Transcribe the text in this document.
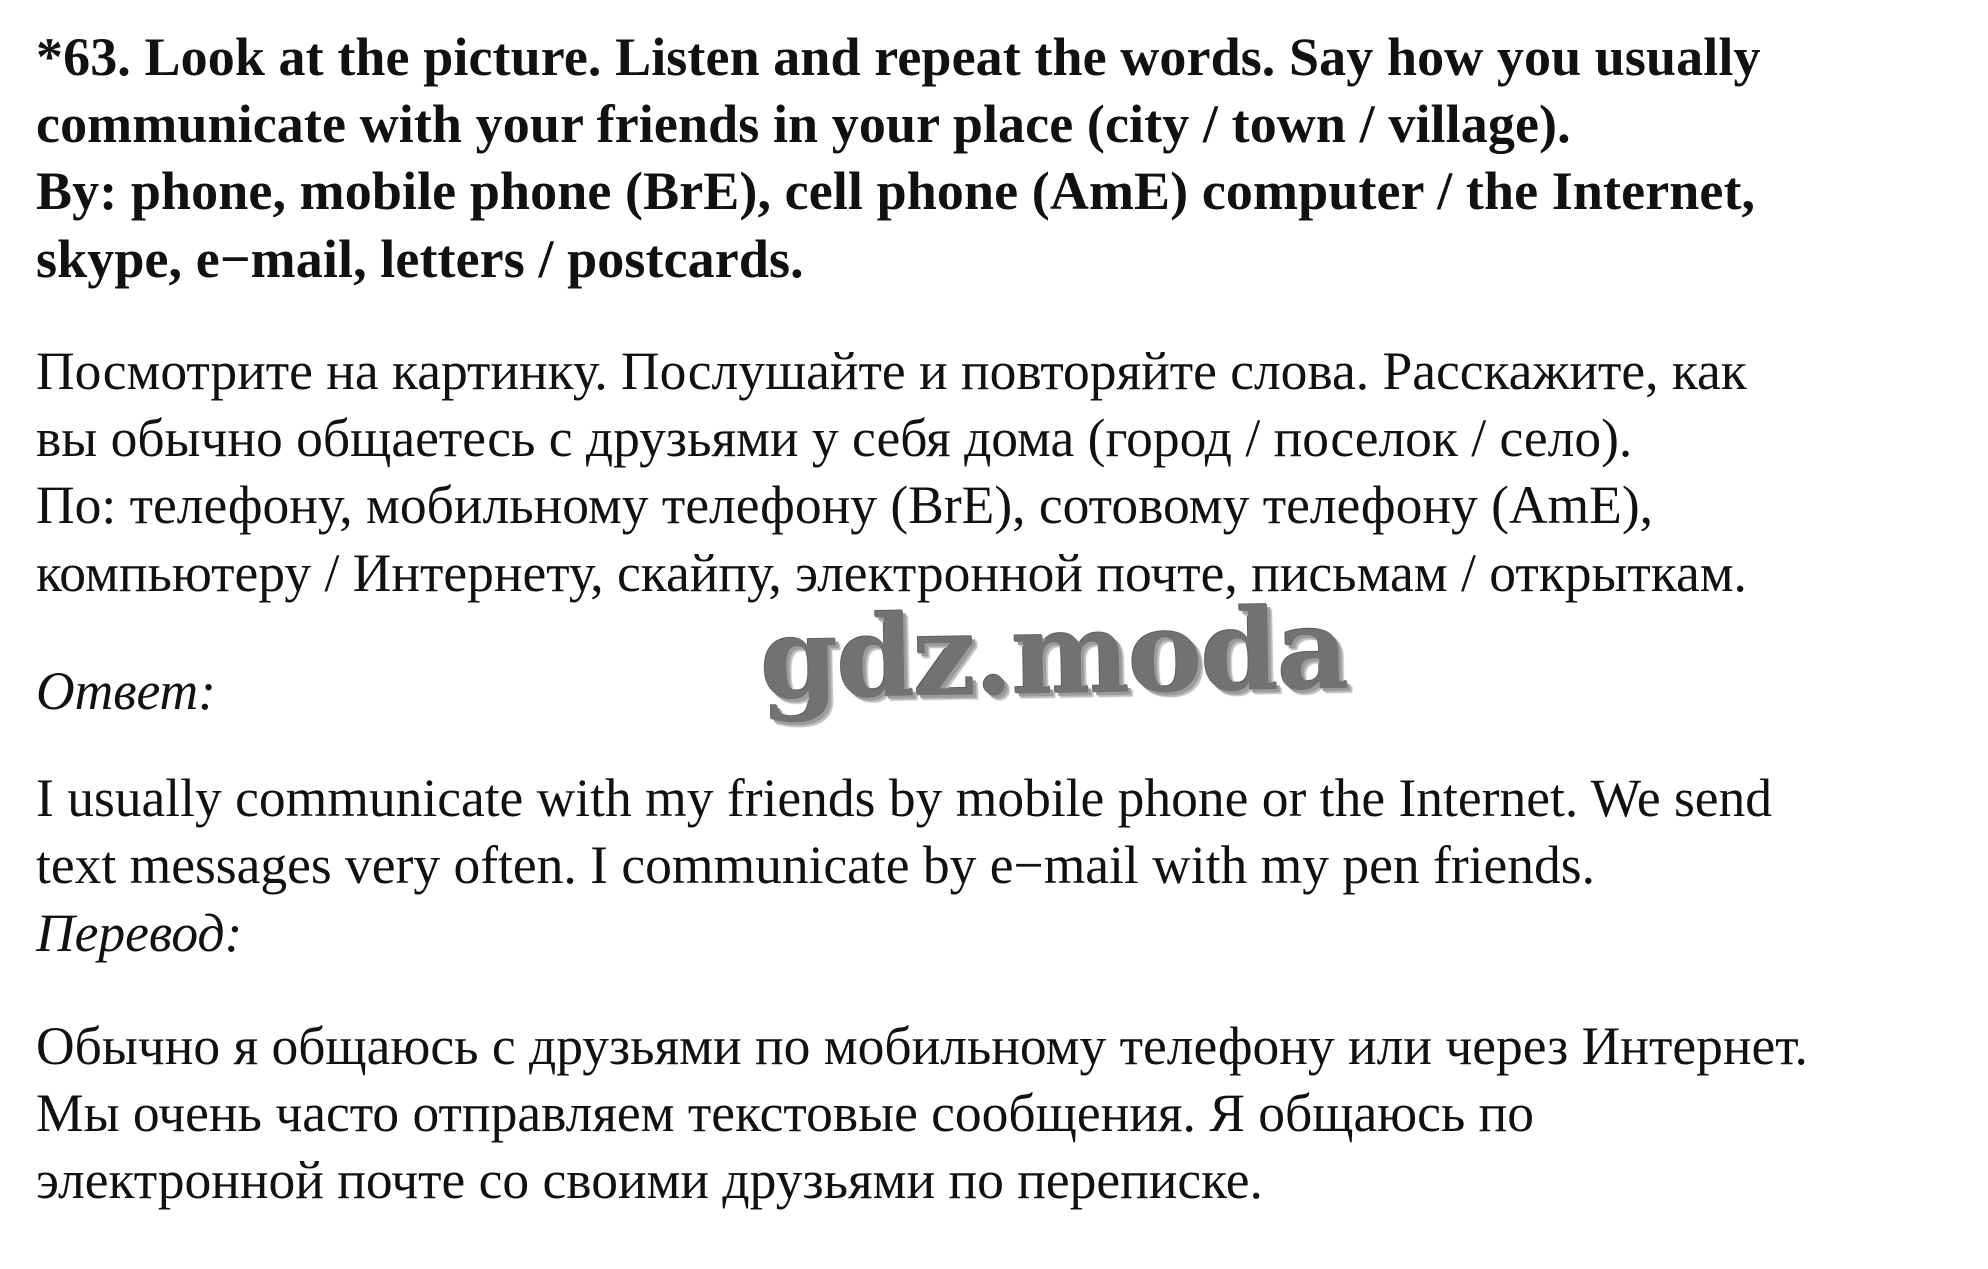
*63. Look at the picture. Listen and repeat the words. Say how you usually
communicate with your friends in your place (city / town / village).
By: phone, mobile phone (BrE), cell phone (AmE) computer / the Internet,
skype, e−mail, letters / postcards.
Посмотрите на картинку. Послушайте и повторяйте слова. Расскажите, как
вы обычно общаетесь с друзьями у себя дома (город / поселок / село).
По: телефону, мобильному телефону (BrE), сотовому телефону (AmE),
компьютеру / Интернету, скайпу, электронной почте, письмам / открыткам.
Ответ:	gdz.moda
I usually communicate with my friends by mobile phone or the Internet. We send
text messages very often. I communicate by e−mail with my pen friends.
Перевод:
Обычно я общаюсь с друзьями по мобильному телефону или через Интернет.
Мы очень часто отправляем текстовые сообщения. Я общаюсь по
электронной почте со своими друзьями по переписке.
